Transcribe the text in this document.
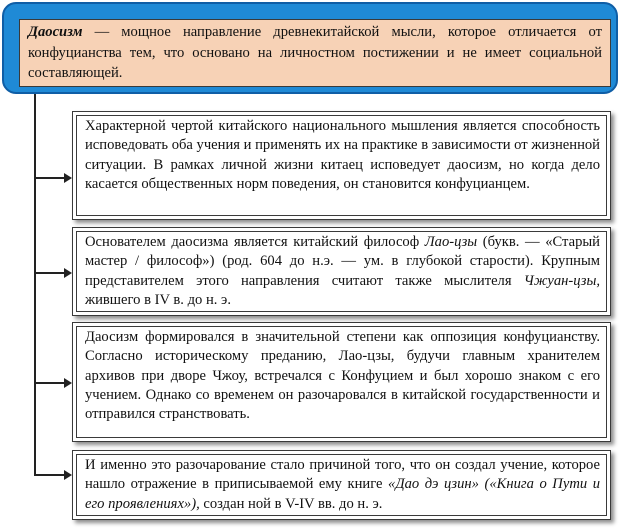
Даосизм — мощное направление древнекитайской мысли, которое отличается от конфуцианства тем, что основано на личностном постижении и не имеет социальной составляющей.
Характерной чертой китайского национального мышления является способность исповедовать оба учения и применять их на практике в зависимости от жизненной ситуации. В рамках личной жизни китаец исповедует даосизм, но когда дело касается общественных норм поведения, он становится конфуцианцем.
Основателем даосизма является китайский философ Лао-цзы (букв. — «Старый мастер / философ») (род. 604 до н.э. — ум. в глубокой старости). Крупным представителем этого направления считают также мыслителя Чжуан-цзы, жившего в IV в. до н. э.
Даосизм формировался в значительной степени как оппозиция конфуцианству. Согласно историческому преданию, Лао-цзы, будучи главным хранителем архивов при дворе Чжоу, встречался с Конфуцием и был хорошо знаком с его учением. Однако со временем он разочаровался в китайской государственности и отправился странствовать.
И именно это разочарование стало причиной того, что он создал учение, которое нашло отражение в приписываемой ему книге «Дао дэ цзин» («Книга о Пути и его проявлениях»), создан ной в V-IV вв. до н. э.
